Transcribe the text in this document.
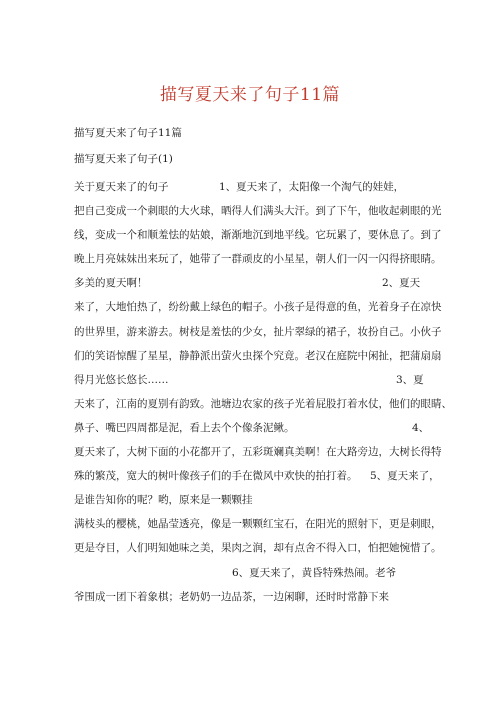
描写夏天来了句子11篇
描写夏天来了句子11篇
描写夏天来了句子(1)
关于夏天来了的句子	1、夏天来了，太阳像一个淘气的娃娃，
把自己变成一个刺眼的大火球，晒得人们满头大汗。到了下午，他收起刺眼的光
线，变成一个和顺羞怯的姑娘，渐渐地沉到地平线。它玩累了，要休息了。到了
晚上月亮妹妹出来玩了，她带了一群顽皮的小星星，朝人们一闪一闪得挤眼睛。
多美的夏天啊！	2、夏天
来了，大地怕热了，纷纷戴上绿色的帽子。小孩子是得意的鱼，光着身子在凉快
的世界里，游来游去。树枝是羞怯的少女，扯片翠绿的裙子，妆扮自己。小伙子
们的笑语惊醒了星星，静静派出萤火虫探个究竟。老汉在庭院中闲扯，把蒲扇扇
得月光悠长悠长……	3、夏
天来了，江南的夏别有韵致。池塘边农家的孩子光着屁股打着水仗，他们的眼睛、
鼻子、嘴巴四周都是泥，看上去个个像条泥鳅。	4、
夏天来了，大树下面的小花都开了，五彩斑斓真美啊！在大路旁边，大树长得特
殊的繁茂，宽大的树叶像孩子们的手在微风中欢快的拍打着。 5、夏天来了，
是谁告知你的呢？哟，原来是一颗颗挂
满枝头的樱桃，她晶莹透亮，像是一颗颗红宝石，在阳光的照射下，更是刺眼，
更是夺目，人们明知她味之美，果肉之润，却有点舍不得入口，怕把她惋惜了。
6、夏天来了，黄昏特殊热闹。老爷
爷围成一团下着象棋；老奶奶一边品茶，一边闲聊，还时时常静下来
